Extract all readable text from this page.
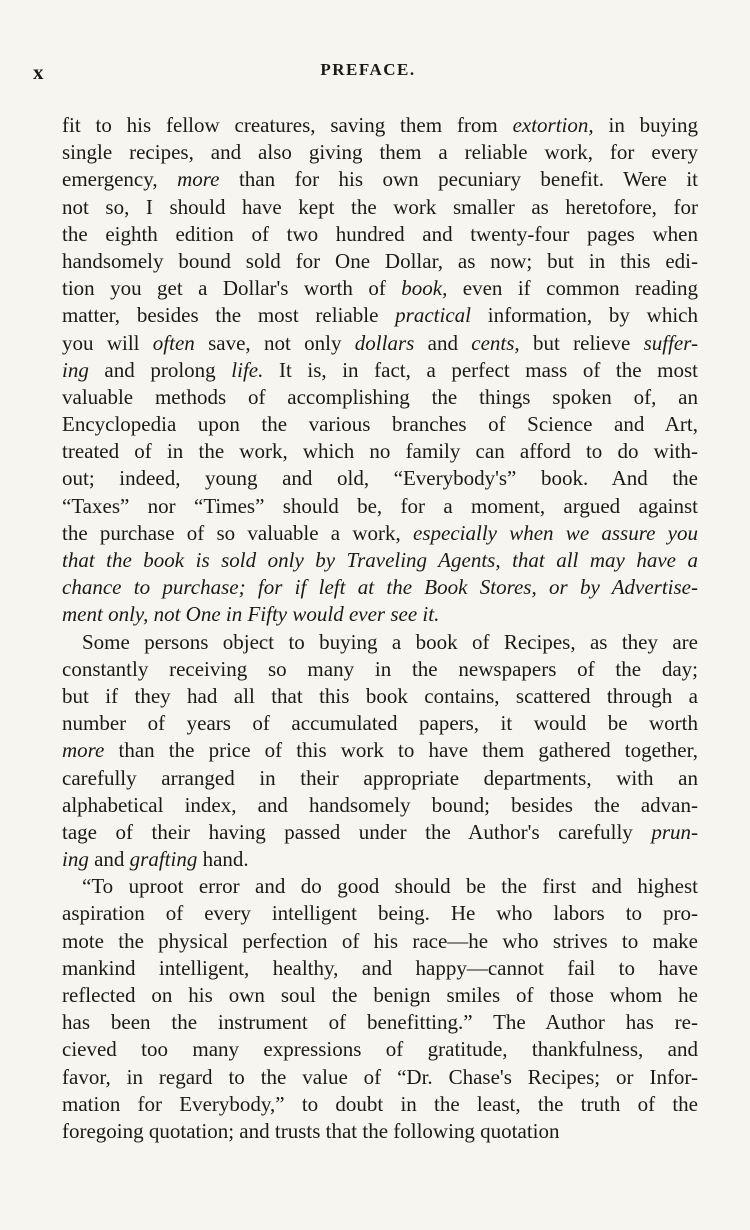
x	PREFACE.
fit to his fellow creatures, saving them from extortion, in buying
single recipes, and also giving them a reliable work, for every
emergency, more than for his own pecuniary benefit. Were it
not so, I should have kept the work smaller as heretofore, for
the eighth edition of two hundred and twenty-four pages when
handsomely bound sold for One Dollar, as now; but in this edi-
tion you get a Dollar's worth of book, even if common reading
matter, besides the most reliable practical information, by which
you will often save, not only dollars and cents, but relieve suffer-
ing and prolong life. It is, in fact, a perfect mass of the most
valuable methods of accomplishing the things spoken of, an
Encyclopedia upon the various branches of Science and Art,
treated of in the work, which no family can afford to do with-
out; indeed, young and old, “Everybody's” book. And the
“Taxes” nor “Times” should be, for a moment, argued against
the purchase of so valuable a work, especially when we assure you
that the book is sold only by Traveling Agents, that all may have a
chance to purchase; for if left at the Book Stores, or by Advertise-
ment only, not One in Fifty would ever see it.
Some persons object to buying a book of Recipes, as they are
constantly receiving so many in the newspapers of the day;
but if they had all that this book contains, scattered through a
number of years of accumulated papers, it would be worth
more than the price of this work to have them gathered together,
carefully arranged in their appropriate departments, with an
alphabetical index, and handsomely bound; besides the advan-
tage of their having passed under the Author's carefully prun-
ing and grafting hand.
“To uproot error and do good should be the first and highest
aspiration of every intelligent being. He who labors to pro-
mote the physical perfection of his race—he who strives to make
mankind intelligent, healthy, and happy—cannot fail to have
reflected on his own soul the benign smiles of those whom he
has been the instrument of benefitting.” The Author has re-
cieved too many expressions of gratitude, thankfulness, and
favor, in regard to the value of “Dr. Chase's Recipes; or Infor-
mation for Everybody,” to doubt in the least, the truth of the
foregoing quotation; and trusts that the following quotation
